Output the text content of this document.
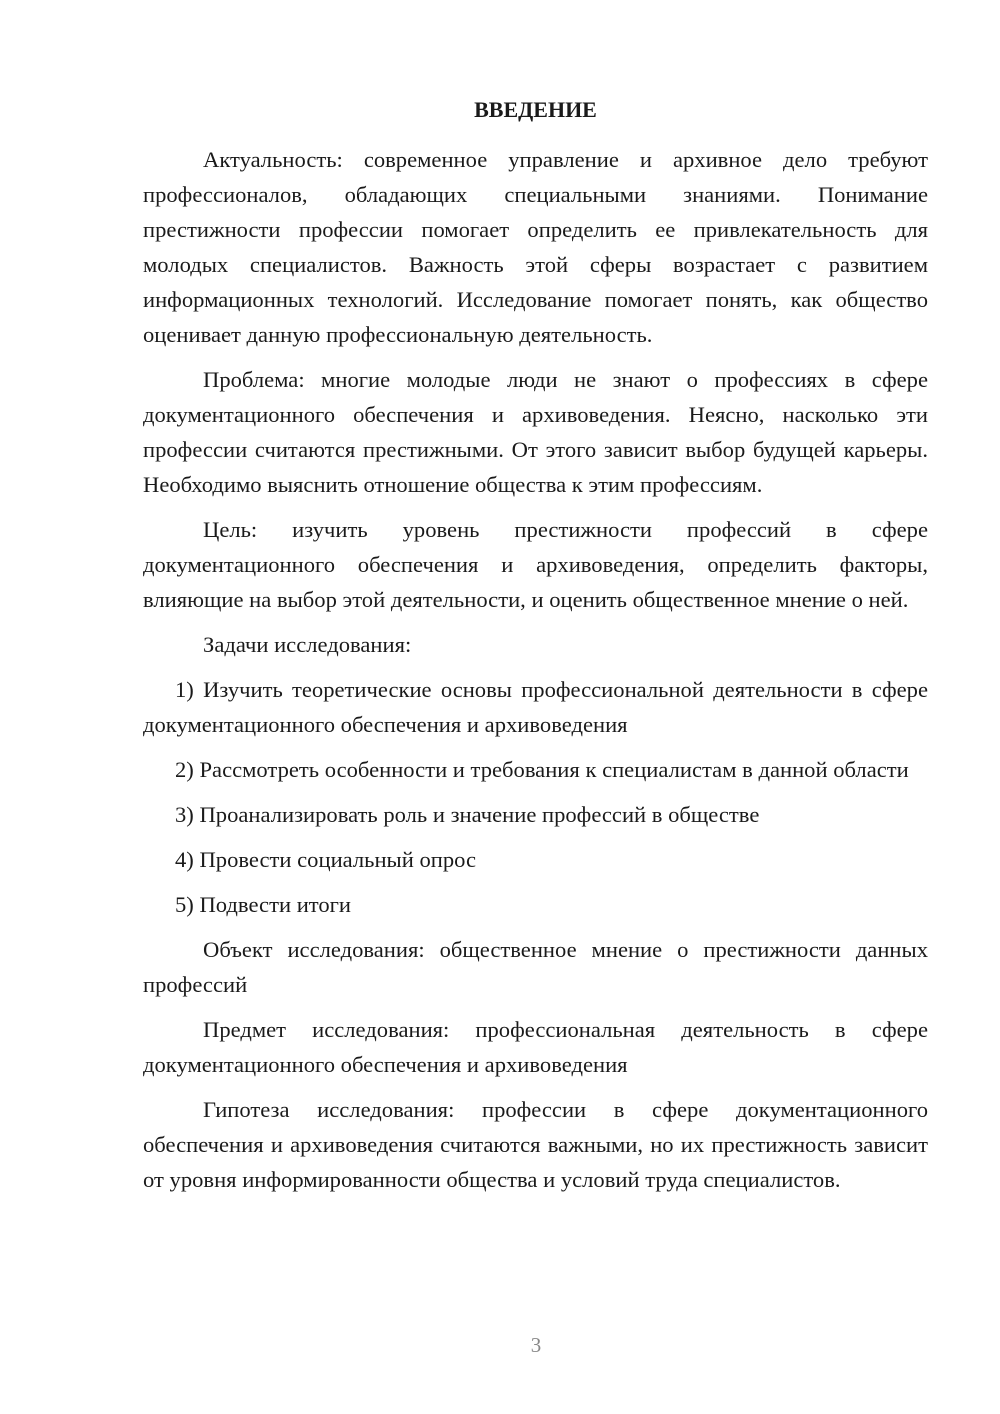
ВВЕДЕНИЕ

Актуальность: современное управление и архивное дело требуют профессионалов, обладающих специальными знаниями. Понимание престижности профессии помогает определить ее привлекательность для молодых специалистов. Важность этой сферы возрастает с развитием информационных технологий. Исследование помогает понять, как общество оценивает данную профессиональную деятельность.

Проблема: многие молодые люди не знают о профессиях в сфере документационного обеспечения и архивоведения. Неясно, насколько эти профессии считаются престижными. От этого зависит выбор будущей карьеры. Необходимо выяснить отношение общества к этим профессиям.

Цель: изучить уровень престижности профессий в сфере документационного обеспечения и архивоведения, определить факторы, влияющие на выбор этой деятельности, и оценить общественное мнение о ней.

Задачи исследования:

1) Изучить теоретические основы профессиональной деятельности в сфере документационного обеспечения и архивоведения

2) Рассмотреть особенности и требования к специалистам в данной области

3) Проанализировать роль и значение профессий в обществе

4) Провести социальный опрос

5) Подвести итоги

Объект исследования: общественное мнение о престижности данных профессий

Предмет исследования: профессиональная деятельность в сфере документационного обеспечения и архивоведения

Гипотеза исследования: профессии в сфере документационного обеспечения и архивоведения считаются важными, но их престижность зависит от уровня информированности общества и условий труда специалистов.

3
